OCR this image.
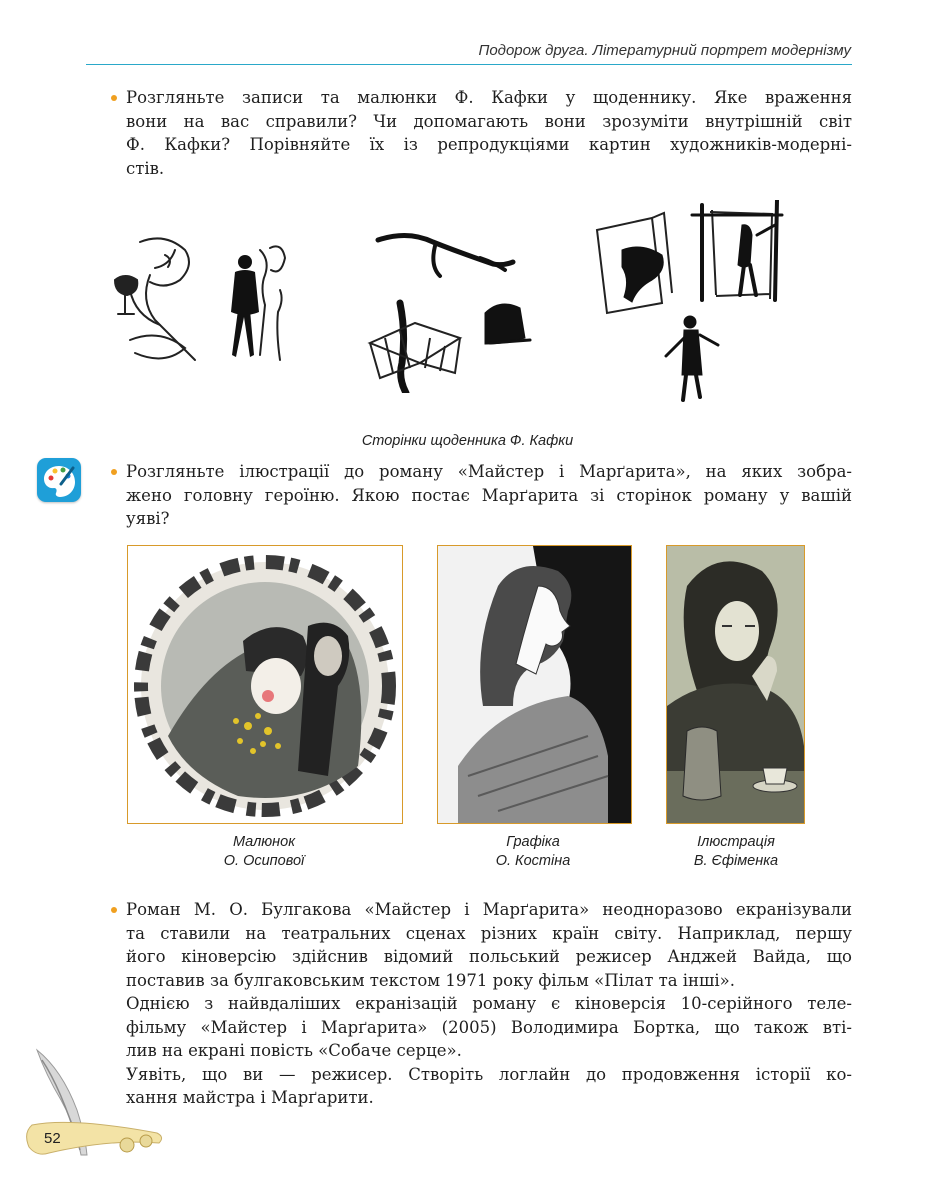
Подорож друга. Літературний портрет модернізму
Розгляньте записи та малюнки Ф. Кафки у щоденнику. Яке враження
вони на вас справили? Чи допомагають вони зрозуміти внутрішній світ
Ф. Кафки? Порівняйте їх із репродукціями картин художників-модерні-
стів.
Сторінки щоденника Ф. Кафки
Розгляньте ілюстрації до роману «Майстер і Марґарита», на яких зобра-
жено головну героїню. Якою постає Марґарита зі сторінок роману у вашій
уяві?
Малюнок
О. Осипової
Графіка
О. Костіна
Ілюстрація
В. Єфіменка
Роман М. О. Булгакова «Майстер і Марґарита» неодноразово екранізували
та ставили на театральних сценах різних країн світу. Наприклад, першу
його кіноверсію здійснив відомий польський режисер Анджей Вайда, що
поставив за булгаковським текстом 1971 року фільм «Пілат та інші».
Однією з найвдаліших екранізацій роману є кіноверсія 10-серійного теле-
фільму «Майстер і Марґарита» (2005) Володимира Бортка, що також вті-
лив на екрані повість «Собаче серце».
Уявіть, що ви — режисер. Створіть логлайн до продовження історії ко-
хання майстра і Марґарити.
52
